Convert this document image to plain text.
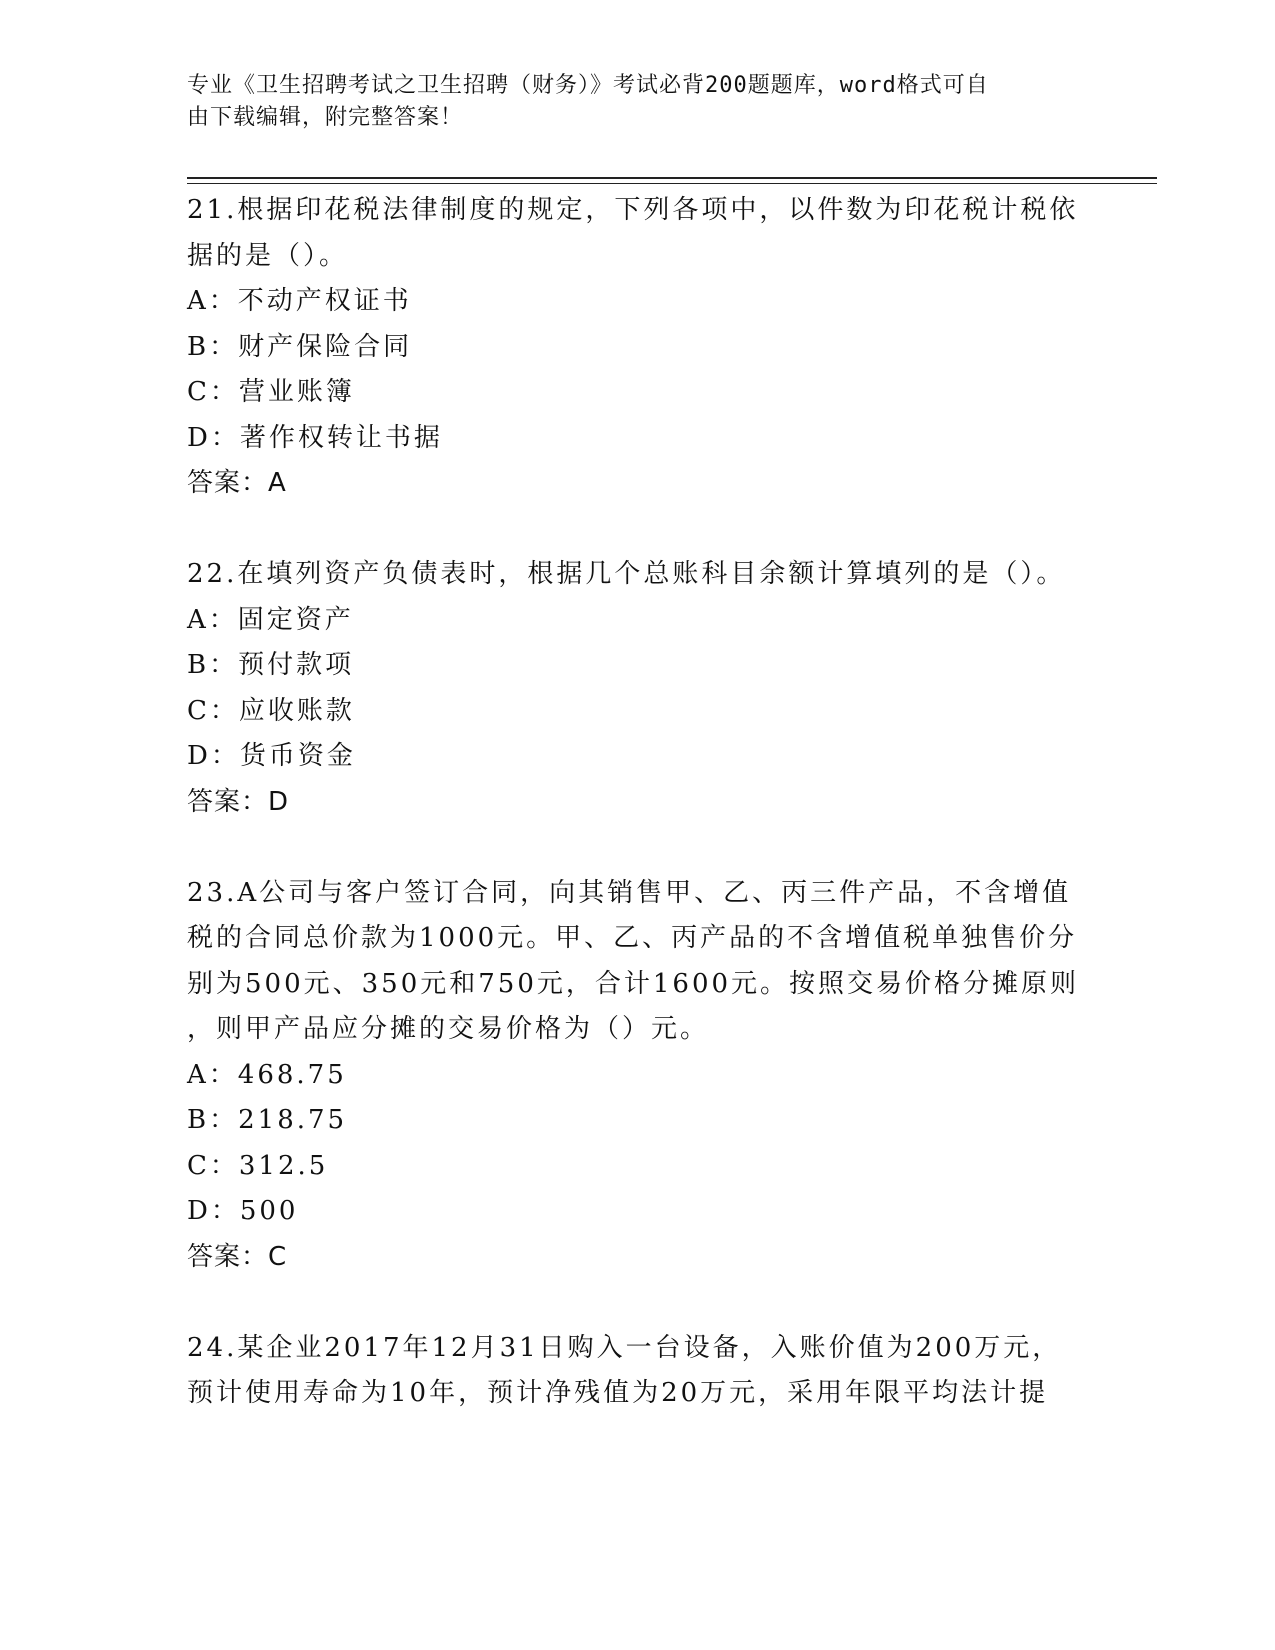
专业《卫生招聘考试之卫生招聘（财务）》考试必背200题题库，word格式可自
由下载编辑，附完整答案！
21.根据印花税法律制度的规定，下列各项中，以件数为印花税计税依
据的是（）。
A：不动产权证书
B：财产保险合同
C：营业账簿
D：著作权转让书据
答案：A
22.在填列资产负债表时，根据几个总账科目余额计算填列的是（）。
A：固定资产
B：预付款项
C：应收账款
D：货币资金
答案：D
23.A公司与客户签订合同，向其销售甲、乙、丙三件产品，不含增值
税的合同总价款为1000元。甲、乙、丙产品的不含增值税单独售价分
别为500元、350元和750元，合计1600元。按照交易价格分摊原则
，则甲产品应分摊的交易价格为（）元。
A：468.75
B：218.75
C：312.5
D：500
答案：C
24.某企业2017年12月31日购入一台设备，入账价值为200万元，
预计使用寿命为10年，预计净残值为20万元，采用年限平均法计提
